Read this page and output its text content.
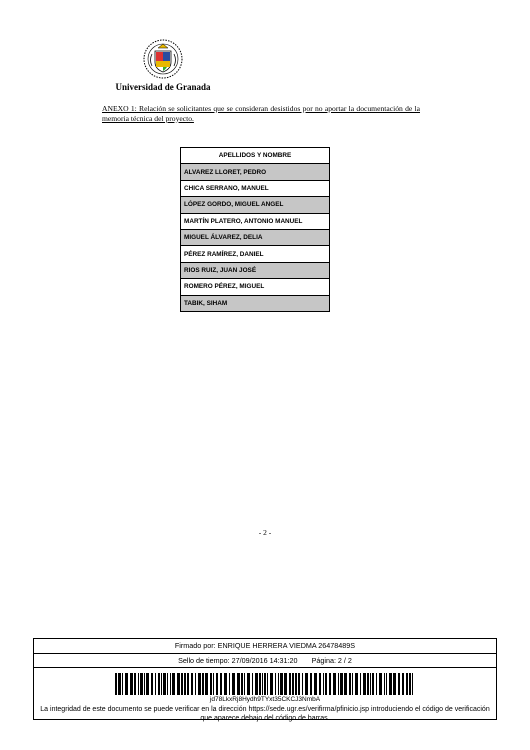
Universidad de Granada
ANEXO 1: Relación se solicitantes que se consideran desistidos por no aportar la documentación de la memoria técnica del proyecto.
APELLIDOS Y NOMBRE
ALVAREZ LLORET, PEDRO
CHICA SERRANO, MANUEL
LÓPEZ GORDO, MIGUEL ANGEL
MARTÍN PLATERO, ANTONIO MANUEL
MIGUEL ÁLVAREZ, DELIA
PÉREZ RAMÍREZ, DANIEL
RIOS RUIZ, JUAN JOSÉ
ROMERO PÉREZ, MIGUEL
TABIK, SIHAM
- 2 -
Firmado por: ENRIQUE HERRERA VIEDMA 26478489S
Sello de tiempo: 27/09/2016 14:31:20 Página: 2 / 2
jd78LkxRj8Hydh9TYxt35CKCJ3NmbA
La integridad de este documento se puede verificar en la dirección https://sede.ugr.es/verifirma/pfinicio.jsp introduciendo el código de verificación que aparece debajo del código de barras.
